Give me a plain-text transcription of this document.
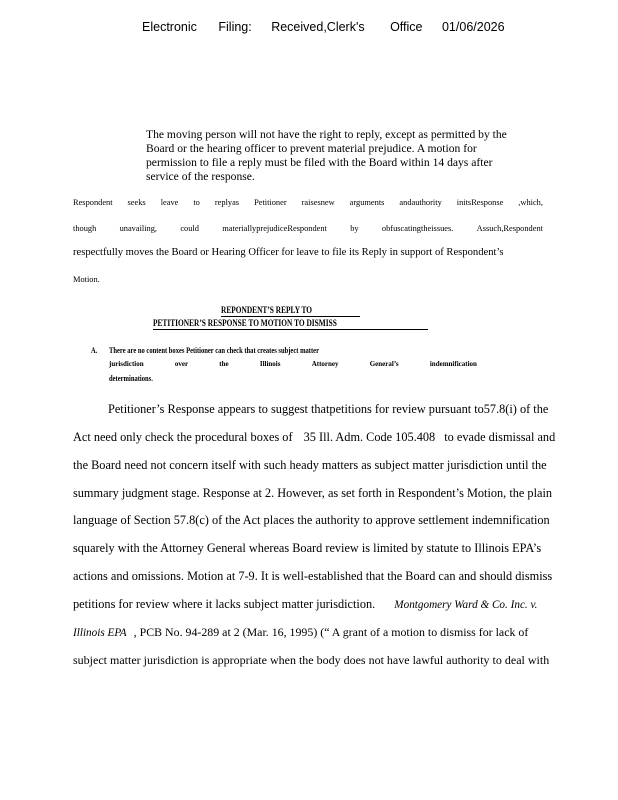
Electronic Filing: Received,Clerk's Office 01/06/2026
The moving person will not have the right to reply, except as permitted by the Board or the hearing officer to prevent material prejudice. A motion for permission to file a reply must be filed with the Board within 14 days after service of the response.
Respondent seeks leave to replyas Petitioner raisesnew arguments andauthority initsResponse ,which,
though	unavailing,	could	materiallyprejudiceRespondent	by	obfuscatingtheissues.	Assuch,Respondent
respectfully moves the Board or Hearing Officer for leave to file its Reply in support of Respondent’s
Motion.
REPONDENT’S REPLY TO
PETITIONER’S RESPONSE TO MOTION TO DISMISS
A. There are no content boxes Petitioner can check that creates subject matter
jurisdiction	over	the	Illinois	Attorney	General’s	indemnification
determinations.
Petitioner’s Response appears to suggest thatpetitions for review pursuant to57.8(i) of the
Act need only check the procedural boxes of 35 Ill. Adm. Code 105.408 to evade dismissal and
the Board need not concern itself with such heady matters as subject matter jurisdiction until the
summary judgment stage. Response at 2. However, as set forth in Respondent’s Motion, the plain
language of Section 57.8(c) of the Act places the authority to approve settlement indemnification
squarely with the Attorney General whereas Board review is limited by statute to Illinois EPA’s
actions and omissions. Motion at 7-9. It is well-established that the Board can and should dismiss
petitions for review where it lacks subject matter jurisdiction. Montgomery Ward & Co. Inc. v.
Illinois EPA , PCB No. 94-289 at 2 (Mar. 16, 1995) (“ A grant of a motion to dismiss for lack of
subject matter jurisdiction is appropriate when the body does not have lawful authority to deal with
